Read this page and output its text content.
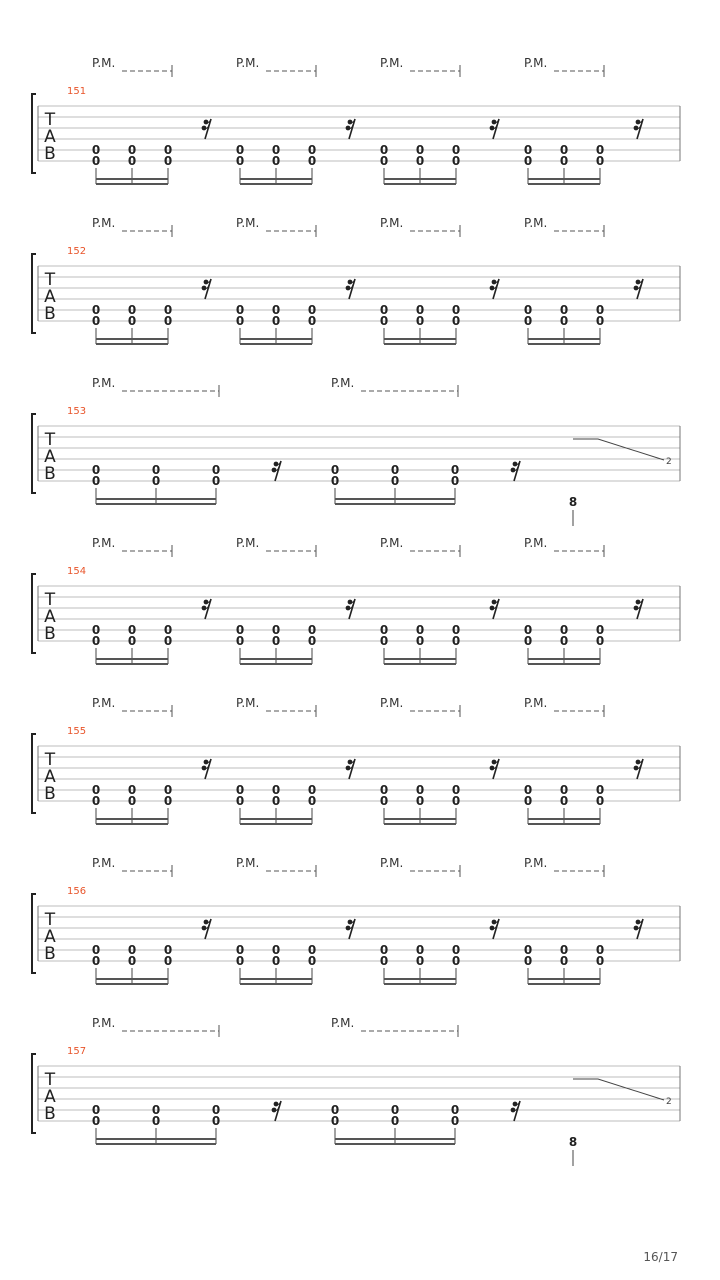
T
A
B
151
P.M.
0
0
0
0
0
0
P.M.
0
0
0
0
0
0
P.M.
0
0
0
0
0
0
P.M.
0
0
0
0
0
0
T
A
B
152
P.M.
0
0
0
0
0
0
P.M.
0
0
0
0
0
0
P.M.
0
0
0
0
0
0
P.M.
0
0
0
0
0
0
T
A
B
153
P.M.
0
0
0
0
0
0
P.M.
0
0
0
0
0
0
2
8
T
A
B
154
P.M.
0
0
0
0
0
0
P.M.
0
0
0
0
0
0
P.M.
0
0
0
0
0
0
P.M.
0
0
0
0
0
0
T
A
B
155
P.M.
0
0
0
0
0
0
P.M.
0
0
0
0
0
0
P.M.
0
0
0
0
0
0
P.M.
0
0
0
0
0
0
T
A
B
156
P.M.
0
0
0
0
0
0
P.M.
0
0
0
0
0
0
P.M.
0
0
0
0
0
0
P.M.
0
0
0
0
0
0
T
A
B
157
P.M.
0
0
0
0
0
0
P.M.
0
0
0
0
0
0
2
8
16/17
